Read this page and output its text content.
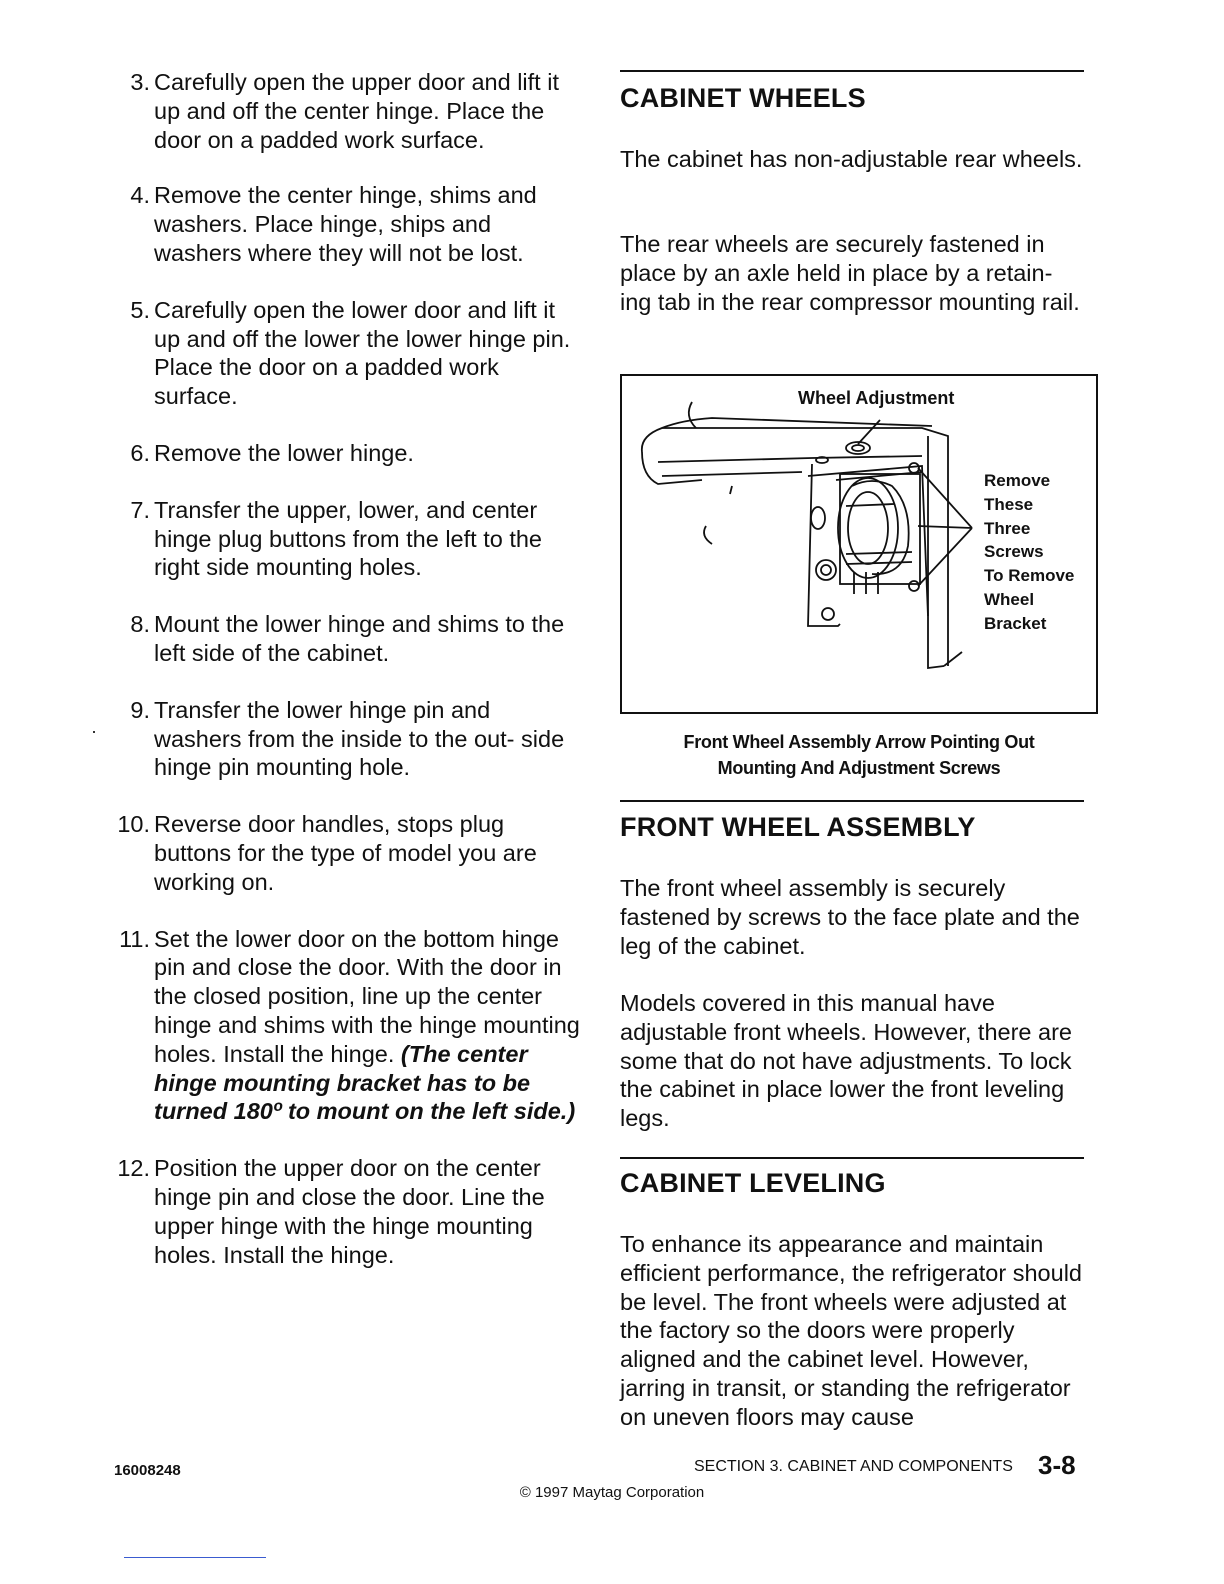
3. Carefully open the upper door and lift it up and off the center hinge. Place the door on a padded work surface.
4. Remove the center hinge, shims and washers. Place hinge, ships and washers where they will not be lost.
5. Carefully open the lower door and lift it up and off the lower the lower hinge pin. Place the door on a padded work surface.
6. Remove the lower hinge.
7. Transfer the upper, lower, and center hinge plug buttons from the left to the right side mounting holes.
8. Mount the lower hinge and shims to the left side of the cabinet.
9. Transfer the lower hinge pin and washers from the inside to the out- side hinge pin mounting hole.
10. Reverse door handles, stops plug buttons for the type of model you are working on.
11. Set the lower door on the bottom hinge pin and close the door. With the door in the closed position, line up the center hinge and shims with the hinge mounting holes. Install the hinge. (The center hinge mounting bracket has to be turned 180º to mount on the left side.)
12. Position the upper door on the center hinge pin and close the door. Line the upper hinge with the hinge mounting holes. Install the hinge.
CABINET WHEELS
The cabinet has non-adjustable rear wheels.
The rear wheels are securely fastened in place by an axle held in place by a retain- ing tab in the rear compressor mounting rail.
Wheel Adjustment
Remove
These
Three
Screws
To Remove
Wheel
Bracket
Front Wheel Assembly Arrow Pointing Out
Mounting And Adjustment Screws
FRONT WHEEL ASSEMBLY
The front wheel assembly is securely fastened by screws to the face plate and the leg of the cabinet.
Models covered in this manual have adjustable front wheels. However, there are some that do not have adjustments. To lock the cabinet in place lower the front leveling legs.
CABINET LEVELING
To enhance its appearance and maintain efficient performance, the refrigerator should be level. The front wheels were adjusted at the factory so the doors were properly aligned and the cabinet level. However, jarring in transit, or standing the refrigerator on uneven floors may cause
16008248	SECTION 3. CABINET AND COMPONENTS 3-8
© 1997 Maytag Corporation
